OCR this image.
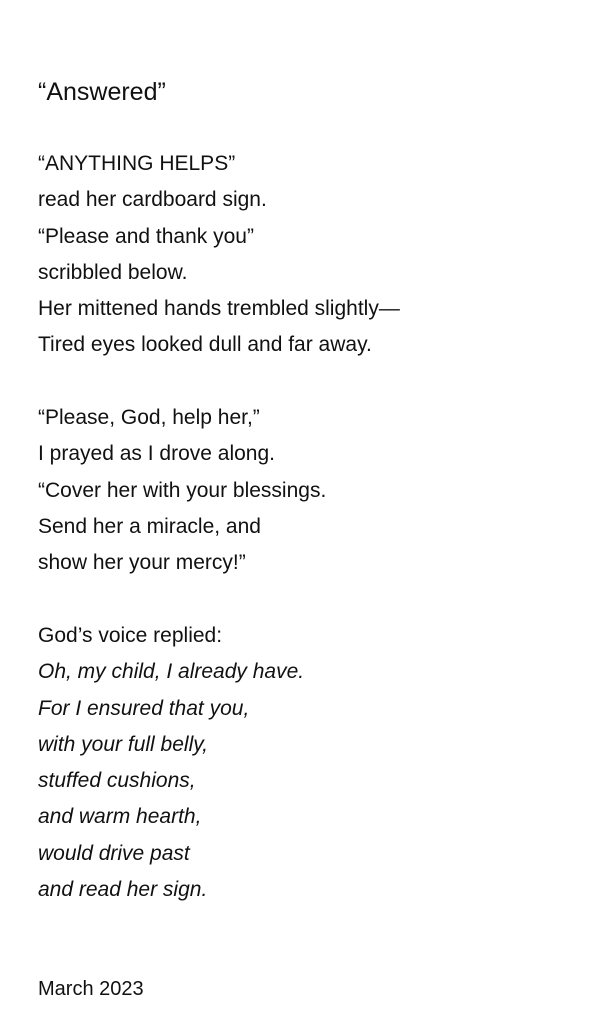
“Answered”
“ANYTHING HELPS”
read her cardboard sign.
“Please and thank you”
scribbled below.
Her mittened hands trembled slightly—
Tired eyes looked dull and far away.
“Please, God, help her,”
I prayed as I drove along.
“Cover her with your blessings.
Send her a miracle, and
show her your mercy!”
God’s voice replied:
Oh, my child, I already have.
For I ensured that you,
with your full belly,
stuffed cushions,
and warm hearth,
would drive past
and read her sign.
March 2023
